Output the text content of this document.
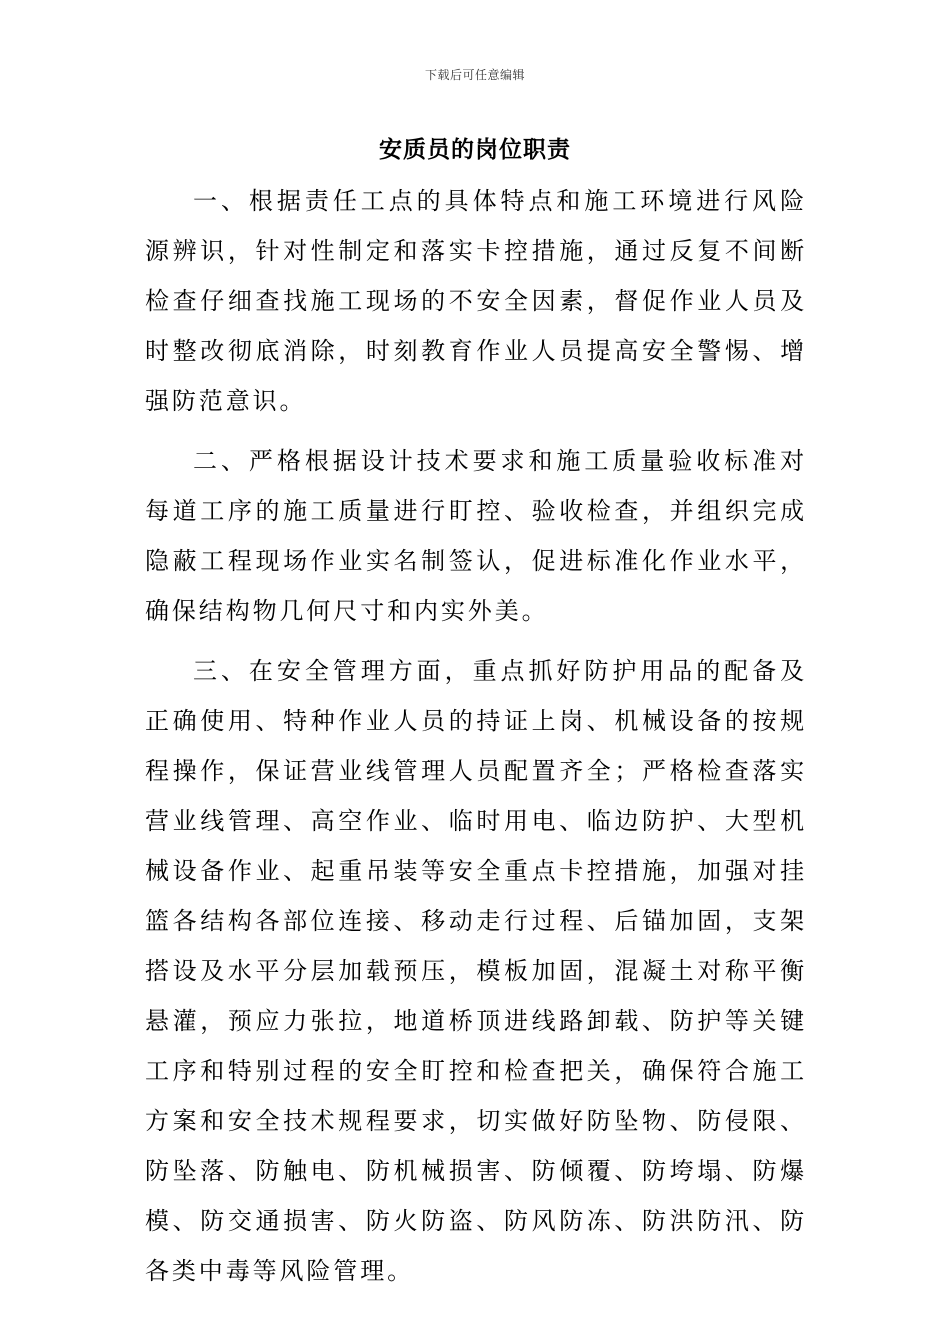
下载后可任意编辑
安质员的岗位职责

一、根据责任工点的具体特点和施工环境进行风险源辨识，针对性制定和落实卡控措施，通过反复不间断检查仔细查找施工现场的不安全因素，督促作业人员及时整改彻底消除，时刻教育作业人员提高安全警惕、增强防范意识。

二、严格根据设计技术要求和施工质量验收标准对每道工序的施工质量进行盯控、验收检查，并组织完成隐蔽工程现场作业实名制签认，促进标准化作业水平，确保结构物几何尺寸和内实外美。

三、在安全管理方面，重点抓好防护用品的配备及正确使用、特种作业人员的持证上岗、机械设备的按规程操作，保证营业线管理人员配置齐全；严格检查落实营业线管理、高空作业、临时用电、临边防护、大型机械设备作业、起重吊装等安全重点卡控措施，加强对挂篮各结构各部位连接、移动走行过程、后锚加固，支架搭设及水平分层加载预压，模板加固，混凝土对称平衡悬灌，预应力张拉，地道桥顶进线路卸载、防护等关键工序和特别过程的安全盯控和检查把关，确保符合施工方案和安全技术规程要求，切实做好防坠物、防侵限、防坠落、防触电、防机械损害、防倾覆、防垮塌、防爆模、防交通损害、防火防盗、防风防冻、防洪防汛、防各类中毒等风险管理。
